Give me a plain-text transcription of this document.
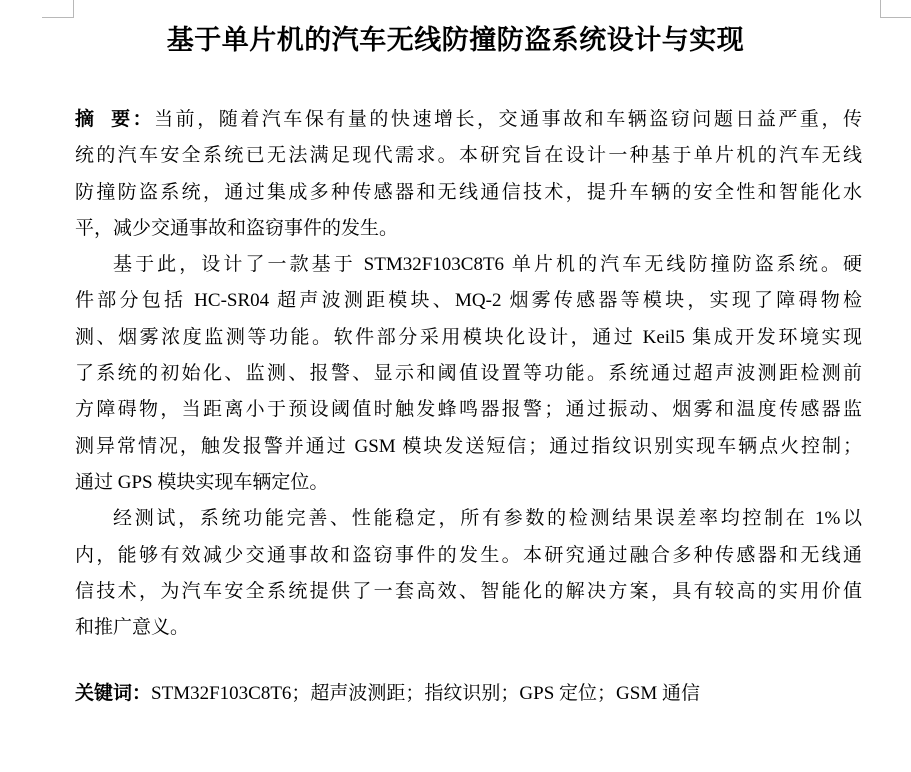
基于单片机的汽车无线防撞防盗系统设计与实现
摘  要：当前，随着汽车保有量的快速增长，交通事故和车辆盗窃问题日益严重，传
统的汽车安全系统已无法满足现代需求。本研究旨在设计一种基于单片机的汽车无线
防撞防盗系统，通过集成多种传感器和无线通信技术，提升车辆的安全性和智能化水
平，减少交通事故和盗窃事件的发生。
基于此，设计了一款基于 STM32F103C8T6 单片机的汽车无线防撞防盗系统。硬
件部分包括 HC-SR04 超声波测距模块、MQ-2 烟雾传感器等模块，实现了障碍物检
测、烟雾浓度监测等功能。软件部分采用模块化设计，通过 Keil5 集成开发环境实现
了系统的初始化、监测、报警、显示和阈值设置等功能。系统通过超声波测距检测前
方障碍物，当距离小于预设阈值时触发蜂鸣器报警；通过振动、烟雾和温度传感器监
测异常情况，触发报警并通过 GSM 模块发送短信；通过指纹识别实现车辆点火控制；
通过 GPS 模块实现车辆定位。
经测试，系统功能完善、性能稳定，所有参数的检测结果误差率均控制在 1%以
内，能够有效减少交通事故和盗窃事件的发生。本研究通过融合多种传感器和无线通
信技术，为汽车安全系统提供了一套高效、智能化的解决方案，具有较高的实用价值
和推广意义。
关键词：STM32F103C8T6；超声波测距；指纹识别；GPS 定位；GSM 通信
